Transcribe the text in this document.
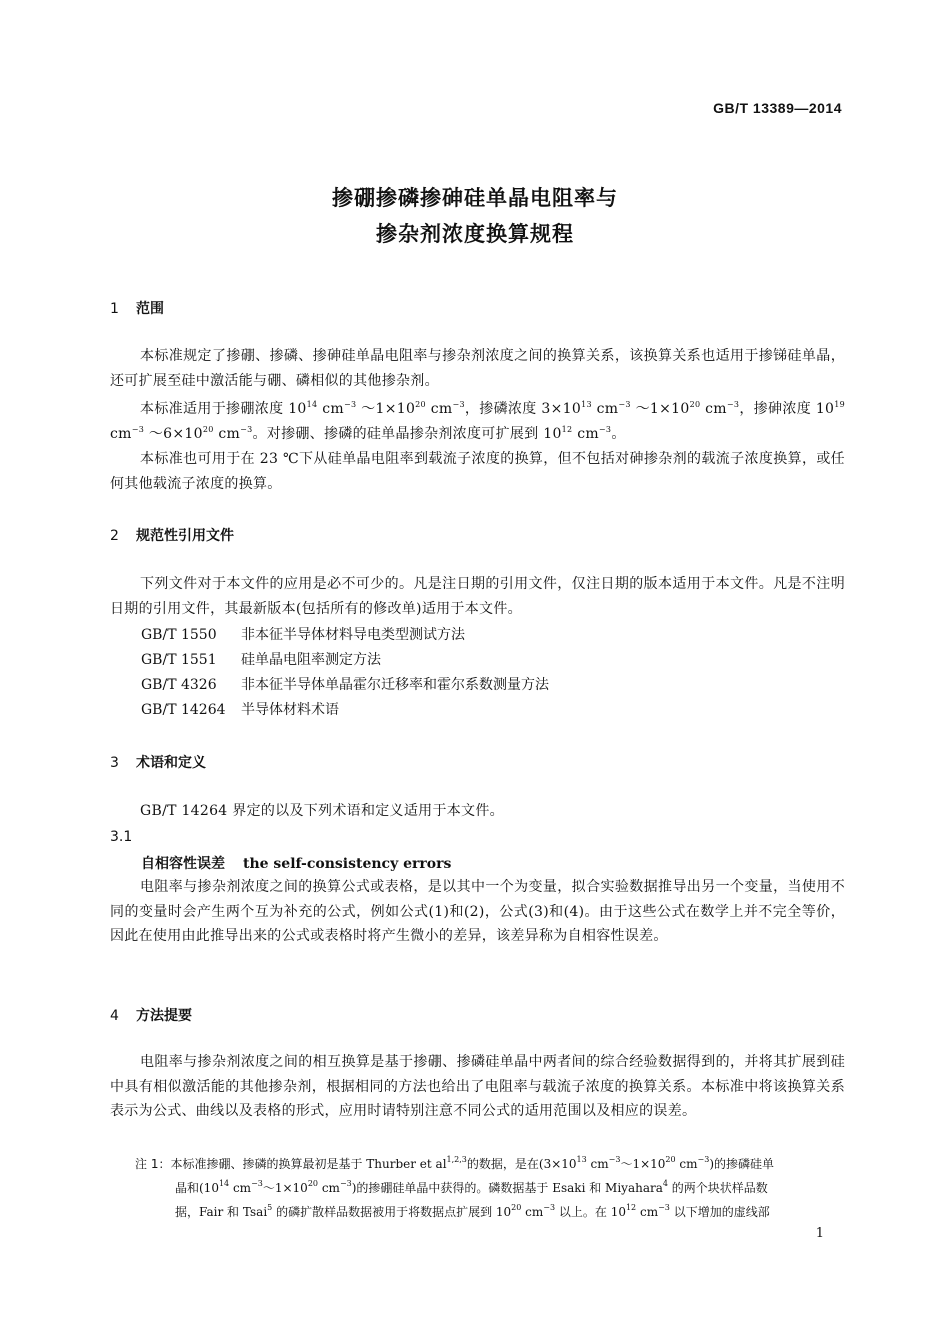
GB/T 13389—2014
掺硼掺磷掺砷硅单晶电阻率与
掺杂剂浓度换算规程
1 范围
本标准规定了掺硼、掺磷、掺砷硅单晶电阻率与掺杂剂浓度之间的换算关系，该换算关系也适用于掺锑硅单晶，还可扩展至硅中激活能与硼、磷相似的其他掺杂剂。
本标准适用于掺硼浓度 $10^{14}$ $cm^{-3}$ $\sim 1\times 10^{20}$ $cm^{-3}$，掺磷浓度 $3\times 10^{13}$ $cm^{-3}$ $\sim 1\times 10^{20}$ $cm^{-3}$，掺砷浓度 $10^{19}$ $cm^{-3}$ $\sim 6\times 10^{20}$ $cm^{-3}$。对掺硼、掺磷的硅单晶掺杂剂浓度可扩展到 $10^{12}$ $cm^{-3}$。
本标准也可用于在 23 ℃下从硅单晶电阻率到载流子浓度的换算，但不包括对砷掺杂剂的载流子浓度换算，或任何其他载流子浓度的换算。
2 规范性引用文件
下列文件对于本文件的应用是必不可少的。凡是注日期的引用文件，仅注日期的版本适用于本文件。凡是不注明日期的引用文件，其最新版本(包括所有的修改单)适用于本文件。
GB/T 1550 非本征半导体材料导电类型测试方法
GB/T 1551 硅单晶电阻率测定方法
GB/T 4326 非本征半导体单晶霍尔迁移率和霍尔系数测量方法
GB/T 14264 半导体材料术语
3 术语和定义
GB/T 14264 界定的以及下列术语和定义适用于本文件。
3.1
自相容性误差 the self-consistency errors
电阻率与掺杂剂浓度之间的换算公式或表格，是以其中一个为变量，拟合实验数据推导出另一个变量，当使用不同的变量时会产生两个互为补充的公式，例如公式(1)和(2)，公式(3)和(4)。由于这些公式在数学上并不完全等价，因此在使用由此推导出来的公式或表格时将产生微小的差异，该差异称为自相容性误差。
4 方法提要
电阻率与掺杂剂浓度之间的相互换算是基于掺硼、掺磷硅单晶中两者间的综合经验数据得到的，并将其扩展到硅中具有相似激活能的其他掺杂剂，根据相同的方法也给出了电阻率与载流子浓度的换算关系。本标准中将该换算关系表示为公式、曲线以及表格的形式，应用时请特别注意不同公式的适用范围以及相应的误差。
注 1：本标准掺硼、掺磷的换算最初是基于 Thurber et al$^{1,2,3}$的数据，是在($3\times 10^{13}$ $cm^{-3}\sim 1\times 10^{20}$ $cm^{-3}$)的掺磷硅单
晶和($10^{14}$ $cm^{-3}\sim 1\times 10^{20}$ $cm^{-3}$)的掺硼硅单晶中获得的。磷数据基于 Esaki 和 Miyahara$^4$ 的两个块状样品数
据，Fair 和 Tsai$^5$ 的磷扩散样品数据被用于将数据点扩展到 $10^{20}$ $cm^{-3}$ 以上。在 $10^{12}$ $cm^{-3}$ 以下增加的虚线部
1
